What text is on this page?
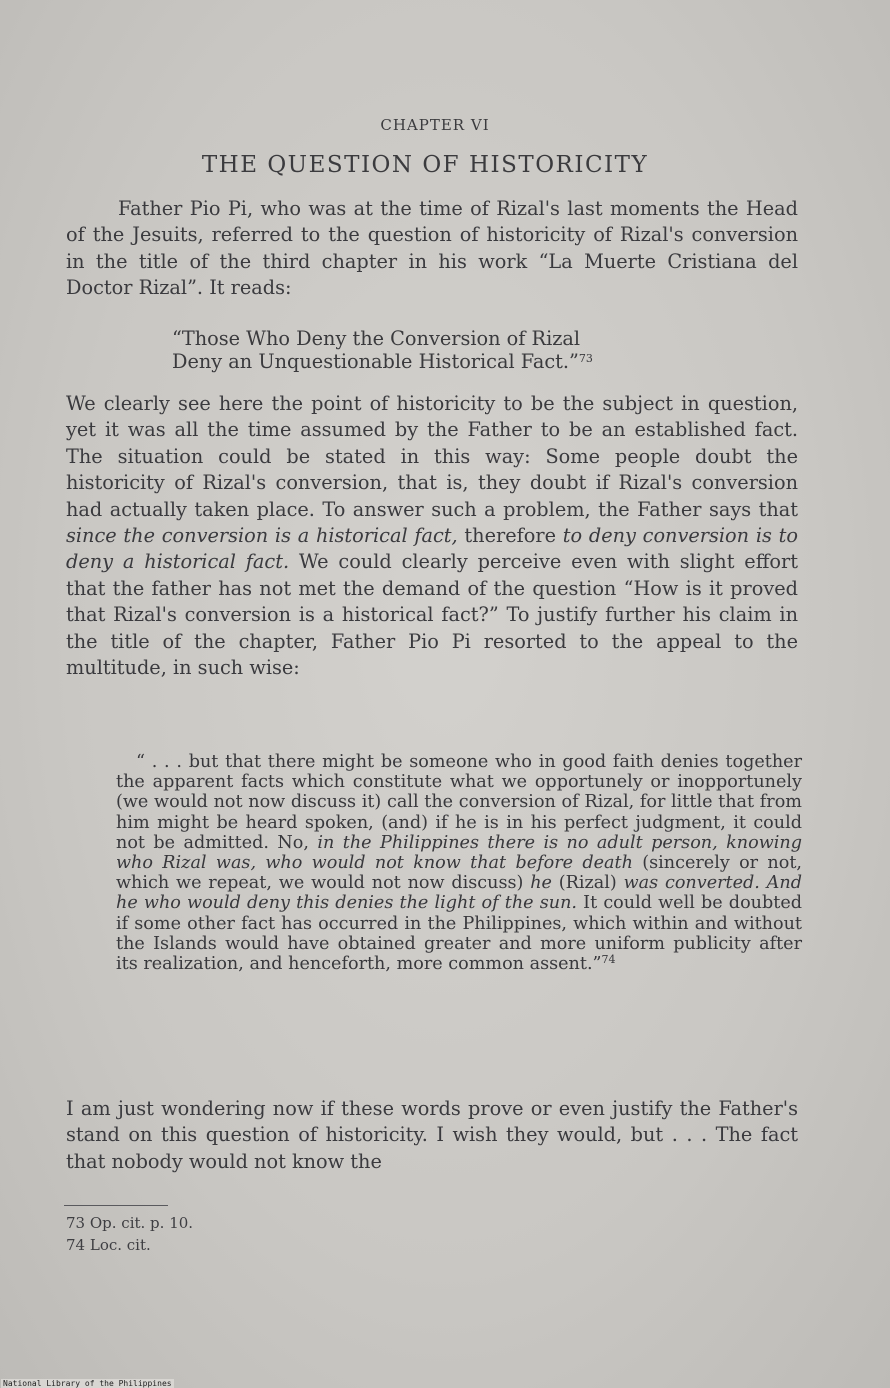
CHAPTER VI
THE QUESTION OF HISTORICITY
Father Pio Pi, who was at the time of Rizal's last moments the Head of the Jesuits, referred to the question of historicity of Rizal's conversion in the title of the third chapter in his work “La Muerte Cristiana del Doctor Rizal”. It reads:
“Those Who Deny the Conversion of Rizal
Deny an Unquestionable Historical Fact.”$^{73}$
We clearly see here the point of historicity to be the subject in question, yet it was all the time assumed by the Father to be an established fact. The situation could be stated in this way: Some people doubt the historicity of Rizal's conversion, that is, they doubt if Rizal's conversion had actually taken place. To answer such a problem, the Father says that since the conversion is a historical fact, therefore to deny conversion is to deny a historical fact. We could clearly perceive even with slight effort that the father has not met the demand of the question “How is it proved that Rizal's conversion is a historical fact?” To justify further his claim in the title of the chapter, Father Pio Pi resorted to the appeal to the multitude, in such wise:
“ . . . but that there might be someone who in good faith denies together the apparent facts which constitute what we opportunely or inopportunely (we would not now discuss it) call the conversion of Rizal, for little that from him might be heard spoken, (and) if he is in his perfect judgment, it could not be admitted. No, in the Philippines there is no adult person, knowing who Rizal was, who would not know that before death (sincerely or not, which we repeat, we would not now discuss) he (Rizal) was converted. And he who would deny this denies the light of the sun. It could well be doubted if some other fact has occurred in the Philippines, which within and without the Islands would have obtained greater and more uniform publicity after its realization, and henceforth, more common assent.”$^{74}$
I am just wondering now if these words prove or even justify the Father's stand on this question of historicity. I wish they would, but . . . The fact that nobody would not know the
73 Op. cit. p. 10.
74 Loc. cit.
National Library of the Philippines
